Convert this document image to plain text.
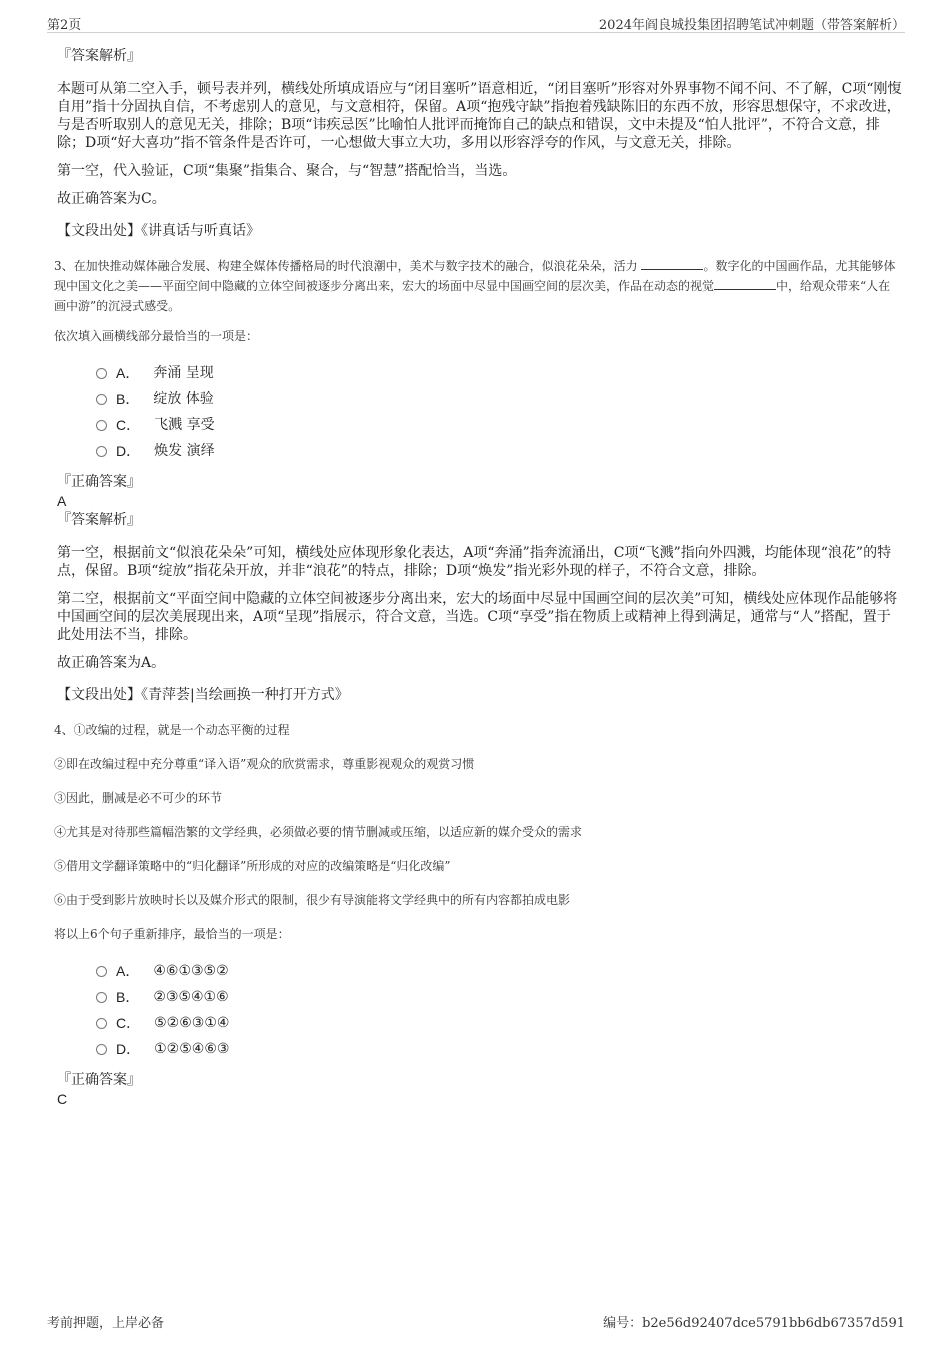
第2页	2024年阎良城投集团招聘笔试冲刺题（带答案解析）
『答案解析』

本题可从第二空入手，顿号表并列，横线处所填成语应与“闭目塞听”语意相近，“闭目塞听”形容对外界事物不闻不问、不了解，C项“刚愎自用”指十分固执自信，不考虑别人的意见，与文意相符，保留。A项“抱残守缺”指抱着残缺陈旧的东西不放，形容思想保守，不求改进，与是否听取别人的意见无关，排除；B项“讳疾忌医”比喻怕人批评而掩饰自己的缺点和错误，文中未提及“怕人批评”，不符合文意，排除；D项“好大喜功”指不管条件是否许可，一心想做大事立大功，多用以形容浮夸的作风，与文意无关，排除。

第一空，代入验证，C项“集聚”指集合、聚合，与“智慧”搭配恰当，当选。

故正确答案为C。

【文段出处】《讲真话与听真话》

3、在加快推动媒体融合发展、构建全媒体传播格局的时代浪潮中，美术与数字技术的融合，似浪花朵朵，活力	。数字化的中国画作品，尤其能够体现中国文化之美——平面空间中隐藏的立体空间被逐步分离出来，宏大的场面中尽显中国画空间的层次美，作品在动态的视觉	中，给观众带来“人在画中游”的沉浸式感受。

依次填入画横线部分最恰当的一项是：

A． 奔涌 呈现
B． 绽放 体验
C． 飞溅 享受
D． 焕发 演绎
『正确答案』
A
『答案解析』

第一空，根据前文“似浪花朵朵”可知，横线处应体现形象化表达，A项“奔涌”指奔流涌出，C项“飞溅”指向外四溅，均能体现“浪花”的特点，保留。B项“绽放”指花朵开放，并非“浪花”的特点，排除；D项“焕发”指光彩外现的样子，不符合文意，排除。

第二空，根据前文“平面空间中隐藏的立体空间被逐步分离出来，宏大的场面中尽显中国画空间的层次美”可知，横线处应体现作品能够将中国画空间的层次美展现出来，A项“呈现”指展示，符合文意，当选。C项“享受”指在物质上或精神上得到满足，通常与“人”搭配，置于此处用法不当，排除。

故正确答案为A。

【文段出处】《青萍荟|当绘画换一种打开方式》

4、①改编的过程，就是一个动态平衡的过程

②即在改编过程中充分尊重“译入语”观众的欣赏需求，尊重影视观众的观赏习惯

③因此，删减是必不可少的环节

④尤其是对待那些篇幅浩繁的文学经典，必须做必要的情节删减或压缩，以适应新的媒介受众的需求

⑤借用文学翻译策略中的“归化翻译”所形成的对应的改编策略是“归化改编”

⑥由于受到影片放映时长以及媒介形式的限制，很少有导演能将文学经典中的所有内容都拍成电影

将以上6个句子重新排序，最恰当的一项是：

A． ④⑥①③⑤②
B． ②③⑤④①⑥
C． ⑤②⑥③①④
D． ①②⑤④⑥③
『正确答案』
C
考前押题，上岸必备	编号：b2e56d92407dce5791bb6db67357d591
